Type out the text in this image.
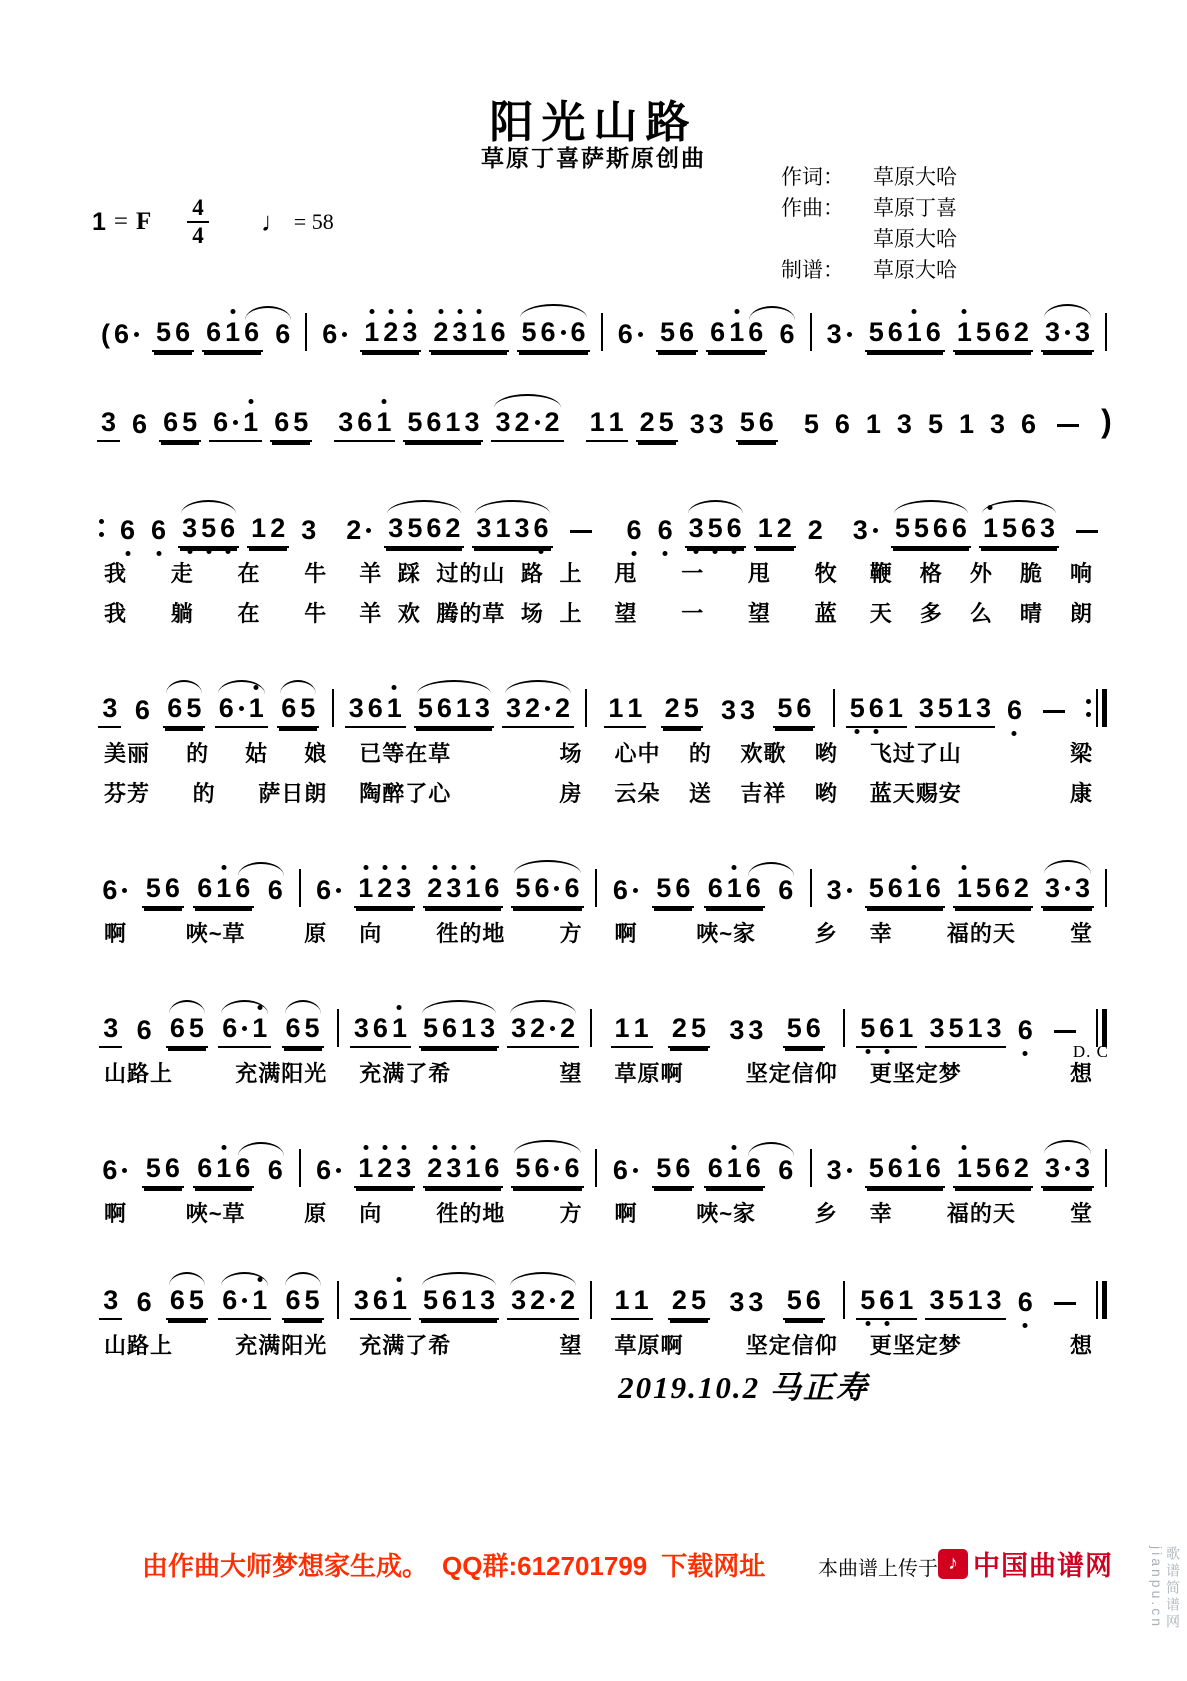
阳光山路
草原丁喜萨斯原创曲
作词：	草原大哈
作曲：	草原丁喜
草原大哈
制谱：	草原大哈
1 = F $\frac{4}{4}$ ♩ = 58
( 6 5 6 6 1 6 6 6 1 2 3 2 3 1 6 5 6 6 6 5 6 6 1 6 6 3 5 6 1 6 1 5 6 2 3 3
3 6 6 5 6 1 6 5 3 6 1 5 6 1 3 3 2 2 1 1 2 5 3 3 5 6 5 6 1 3 5 1 3 6 )
6 6 3 5 6 1 2 3 2 3 5 6 2 3 1 3 6	6 6 3 5 6 1 2 2 3 5 5 6 6 1 5 6 3
我 走 在 牛 羊 踩 过的山 路 上 甩 一 甩 牧 鞭 格 外 脆 响
我 躺 在 牛 羊 欢 腾的草 场 上 望 一 望 蓝 天 多 么 晴 朗
3 6 6 5 6 1 6 5 3 6 1 5 6 1 3 3 2 2 1 1 2 5 3 3 5 6 5 6 1 3 5 1 3 6
美丽 的 姑 娘 已等在草	场 心中 的 欢歌 哟 飞过了山	梁
芬芳 的 萨日朗 陶醉了心	房 云朵 送 吉祥 哟 蓝天赐安	康
6 5 6 6 1 6 6 6 1 2 3 2 3 1 6 5 6 6 6 5 6 6 1 6 6 3 5 6 1 6 1 5 6 2 3 3
啊	唊~草	原 向 徃的地 方 啊	唊~家	乡 幸 福的天 堂
3 6 6 5 6 1 6 5 3 6 1 5 6 1 3 3 2 2 1 1 2 5 3 3 5 6 5 6 1 3 5 1 3 6
D. C
山路上	充满阳光 充满了希	望 草原啊	坚定信仰 更坚定梦	想
6 5 6 6 1 6 6 6 1 2 3 2 3 1 6 5 6 6 6 5 6 6 1 6 6 3 5 6 1 6 1 5 6 2 3 3
啊	唊~草	原 向 徃的地 方 啊	唊~家	乡 幸 福的天 堂
3 6 6 5 6 1 6 5 3 6 1 5 6 1 3 3 2 2 1 1 2 5 3 3 5 6 5 6 1 3 5 1 3 6
山路上	充满阳光 充满了希	望 草原啊	坚定信仰 更坚定梦	想
2019.10.2 马正寿
由作曲大师梦想家生成。 QQ群:612701799 下载网址	本曲谱上传于 ♪ 中国曲谱网	歌谱简谱网
jianpu.cn
